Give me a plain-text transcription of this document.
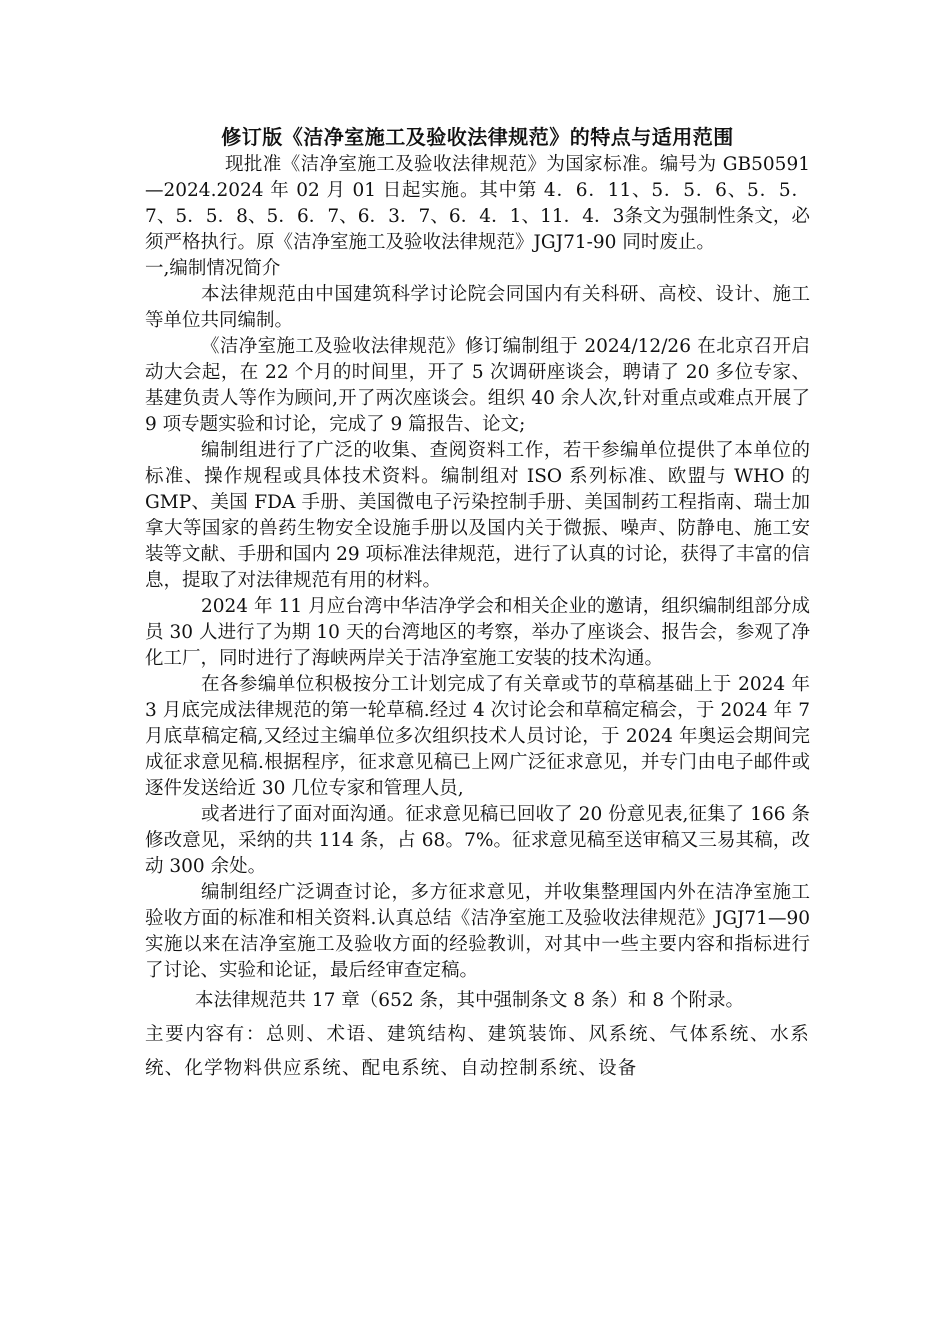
修订版《洁净室施工及验收法律规范》的特点与适用范围

现批准《洁净室施工及验收法律规范》为国家标准。编号为 GB50591—2024.2024 年 02 月 01 日起实施。其中第 4．6．11、5．5．6、5．5．7、5．5．8、5．6．7、6．3．7、6．4．1、11．4．3条文为强制性条文，必须严格执行。原《洁净室施工及验收法律规范》JGJ71-90 同时废止。

一,编制情况简介

本法律规范由中国建筑科学讨论院会同国内有关科研、高校、设计、施工等单位共同编制。

《洁净室施工及验收法律规范》修订编制组于 2024/12/26 在北京召开启动大会起，在 22 个月的时间里，开了 5 次调研座谈会，聘请了 20 多位专家、基建负责人等作为顾问,开了两次座谈会。组织 40 余人次,针对重点或难点开展了 9 项专题实验和讨论，完成了 9 篇报告、论文;

编制组进行了广泛的收集、查阅资料工作，若干参编单位提供了本单位的标准、操作规程或具体技术资料。编制组对 ISO 系列标准、欧盟与 WHO 的 GMP、美国 FDA 手册、美国微电子污染控制手册、美国制药工程指南、瑞士加拿大等国家的兽药生物安全设施手册以及国内关于微振、噪声、防静电、施工安装等文献、手册和国内 29 项标准法律规范，进行了认真的讨论，获得了丰富的信息，提取了对法律规范有用的材料。

2024 年 11 月应台湾中华洁净学会和相关企业的邀请，组织编制组部分成员 30 人进行了为期 10 天的台湾地区的考察，举办了座谈会、报告会，参观了净化工厂，同时进行了海峡两岸关于洁净室施工安装的技术沟通。

在各参编单位积极按分工计划完成了有关章或节的草稿基础上于 2024 年 3 月底完成法律规范的第一轮草稿.经过 4 次讨论会和草稿定稿会，于 2024 年 7 月底草稿定稿,又经过主编单位多次组织技术人员讨论，于 2024 年奥运会期间完成征求意见稿.根据程序，征求意见稿已上网广泛征求意见，并专门由电子邮件或逐件发送给近 30 几位专家和管理人员,

或者进行了面对面沟通。征求意见稿已回收了 20 份意见表,征集了 166 条修改意见，采纳的共 114 条，占 68。7%。征求意见稿至送审稿又三易其稿，改动 300 余处。

编制组经广泛调查讨论，多方征求意见，并收集整理国内外在洁净室施工验收方面的标准和相关资料.认真总结《洁净室施工及验收法律规范》JGJ71—90 实施以来在洁净室施工及验收方面的经验教训，对其中一些主要内容和指标进行了讨论、实验和论证，最后经审查定稿。

本法律规范共 17 章（652 条，其中强制条文 8 条）和 8 个附录。

主要内容有：总则、术语、建筑结构、建筑装饰、风系统、气体系统、水系统、化学物料供应系统、配电系统、自动控制系统、设备
